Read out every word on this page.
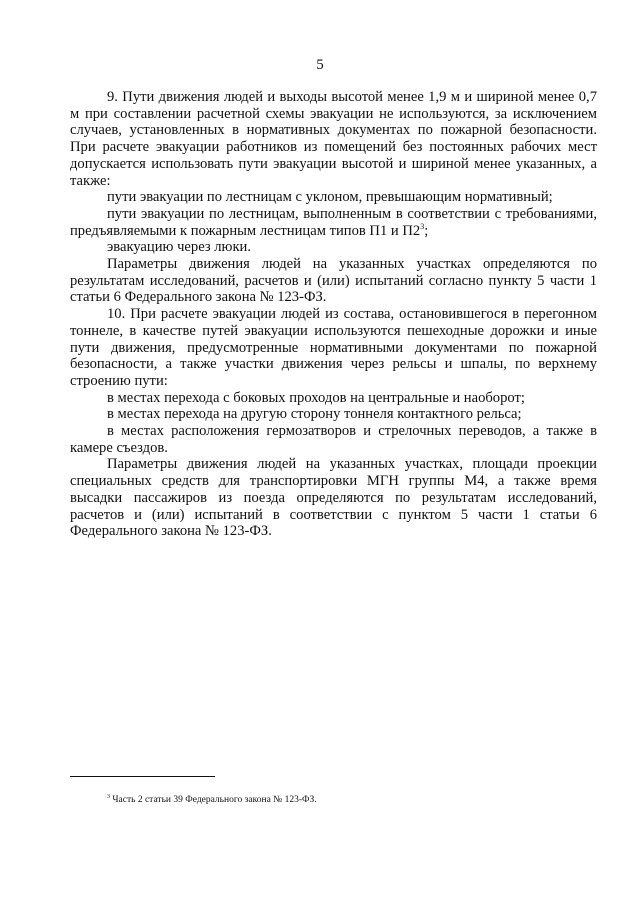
5

9. Пути движения людей и выходы высотой менее 1,9 м и шириной менее 0,7 м при составлении расчетной схемы эвакуации не используются, за исключением случаев, установленных в нормативных документах по пожарной безопасности. При расчете эвакуации работников из помещений без постоянных рабочих мест допускается использовать пути эвакуации высотой и шириной менее указанных, а также:

пути эвакуации по лестницам с уклоном, превышающим нормативный;

пути эвакуации по лестницам, выполненным в соответствии с требованиями, предъявляемыми к пожарным лестницам типов П1 и П2$^3$;

эвакуацию через люки.

Параметры движения людей на указанных участках определяются по результатам исследований, расчетов и (или) испытаний согласно пункту 5 части 1 статьи 6 Федерального закона № 123-ФЗ.

10. При расчете эвакуации людей из состава, остановившегося в перегонном тоннеле, в качестве путей эвакуации используются пешеходные дорожки и иные пути движения, предусмотренные нормативными документами по пожарной безопасности, а также участки движения через рельсы и шпалы, по верхнему строению пути:

в местах перехода с боковых проходов на центральные и наоборот;

в местах перехода на другую сторону тоннеля контактного рельса;

в местах расположения гермозатворов и стрелочных переводов, а также в камере съездов.

Параметры движения людей на указанных участках, площади проекции специальных средств для транспортировки МГН группы М4, а также время высадки пассажиров из поезда определяются по результатам исследований, расчетов и (или) испытаний в соответствии с пунктом 5 части 1 статьи 6 Федерального закона № 123-ФЗ.

$^3$ Часть 2 статьи 39 Федерального закона № 123-ФЗ.
